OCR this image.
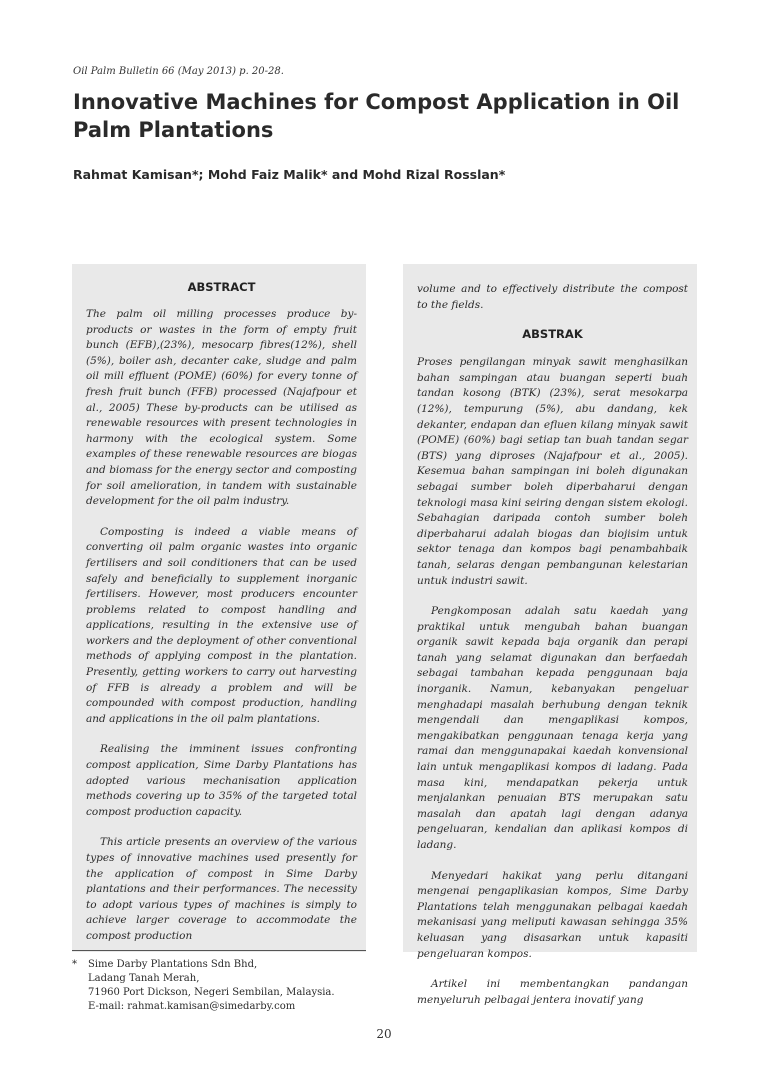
Oil Palm Bulletin 66 (May 2013) p. 20-28.
Innovative Machines for Compost Application in Oil Palm Plantations
Rahmat Kamisan*; Mohd Faiz Malik* and Mohd Rizal Rosslan*
ABSTRACT

The palm oil milling processes produce by-products or wastes in the form of empty fruit bunch (EFB),(23%), mesocarp fibres(12%), shell (5%), boiler ash, decanter cake, sludge and palm oil mill effluent (POME) (60%) for every tonne of fresh fruit bunch (FFB) processed (Najafpour et al., 2005) These by-products can be utilised as renewable resources with present technologies in harmony with the ecological system. Some examples of these renewable resources are biogas and biomass for the energy sector and composting for soil amelioration, in tandem with sustainable development for the oil palm industry.

Composting is indeed a viable means of converting oil palm organic wastes into organic fertilisers and soil conditioners that can be used safely and beneficially to supplement inorganic fertilisers. However, most producers encounter problems related to compost handling and applications, resulting in the extensive use of workers and the deployment of other conventional methods of applying compost in the plantation. Presently, getting workers to carry out harvesting of FFB is already a problem and will be compounded with compost production, handling and applications in the oil palm plantations.

Realising the imminent issues confronting compost application, Sime Darby Plantations has adopted various mechanisation application methods covering up to 35% of the targeted total compost production capacity.

This article presents an overview of the various types of innovative machines used presently for the application of compost in Sime Darby plantations and their performances. The necessity to adopt various types of machines is simply to achieve larger coverage to accommodate the compost production

volume and to effectively distribute the compost to the fields.

ABSTRAK

Proses pengilangan minyak sawit menghasilkan bahan sampingan atau buangan seperti buah tandan kosong (BTK) (23%), serat mesokarpa (12%), tempurung (5%), abu dandang, kek dekanter, endapan dan efluen kilang minyak sawit (POME) (60%) bagi setiap tan buah tandan segar (BTS) yang diproses (Najafpour et al., 2005). Kesemua bahan sampingan ini boleh digunakan sebagai sumber boleh diperbaharui dengan teknologi masa kini seiring dengan sistem ekologi. Sebahagian daripada contoh sumber boleh diperbaharui adalah biogas dan biojisim untuk sektor tenaga dan kompos bagi penambahbaik tanah, selaras dengan pembangunan kelestarian untuk industri sawit.

Pengkomposan adalah satu kaedah yang praktikal untuk mengubah bahan buangan organik sawit kepada baja organik dan perapi tanah yang selamat digunakan dan berfaedah sebagai tambahan kepada penggunaan baja inorganik. Namun, kebanyakan pengeluar menghadapi masalah berhubung dengan teknik mengendali dan mengaplikasi kompos, mengakibatkan penggunaan tenaga kerja yang ramai dan menggunapakai kaedah konvensional lain untuk mengaplikasi kompos di ladang. Pada masa kini, mendapatkan pekerja untuk menjalankan penuaian BTS merupakan satu masalah dan apatah lagi dengan adanya pengeluaran, kendalian dan aplikasi kompos di ladang.

Menyedari hakikat yang perlu ditangani mengenai pengaplikasian kompos, Sime Darby Plantations telah menggunakan pelbagai kaedah mekanisasi yang meliputi kawasan sehingga 35% keluasan yang disasarkan untuk kapasiti pengeluaran kompos.

Artikel ini membentangkan pandangan menyeluruh pelbagai jentera inovatif yang

* Sime Darby Plantations Sdn Bhd,
Ladang Tanah Merah,
71960 Port Dickson, Negeri Sembilan, Malaysia.
E-mail: rahmat.kamisan@simedarby.com
20
